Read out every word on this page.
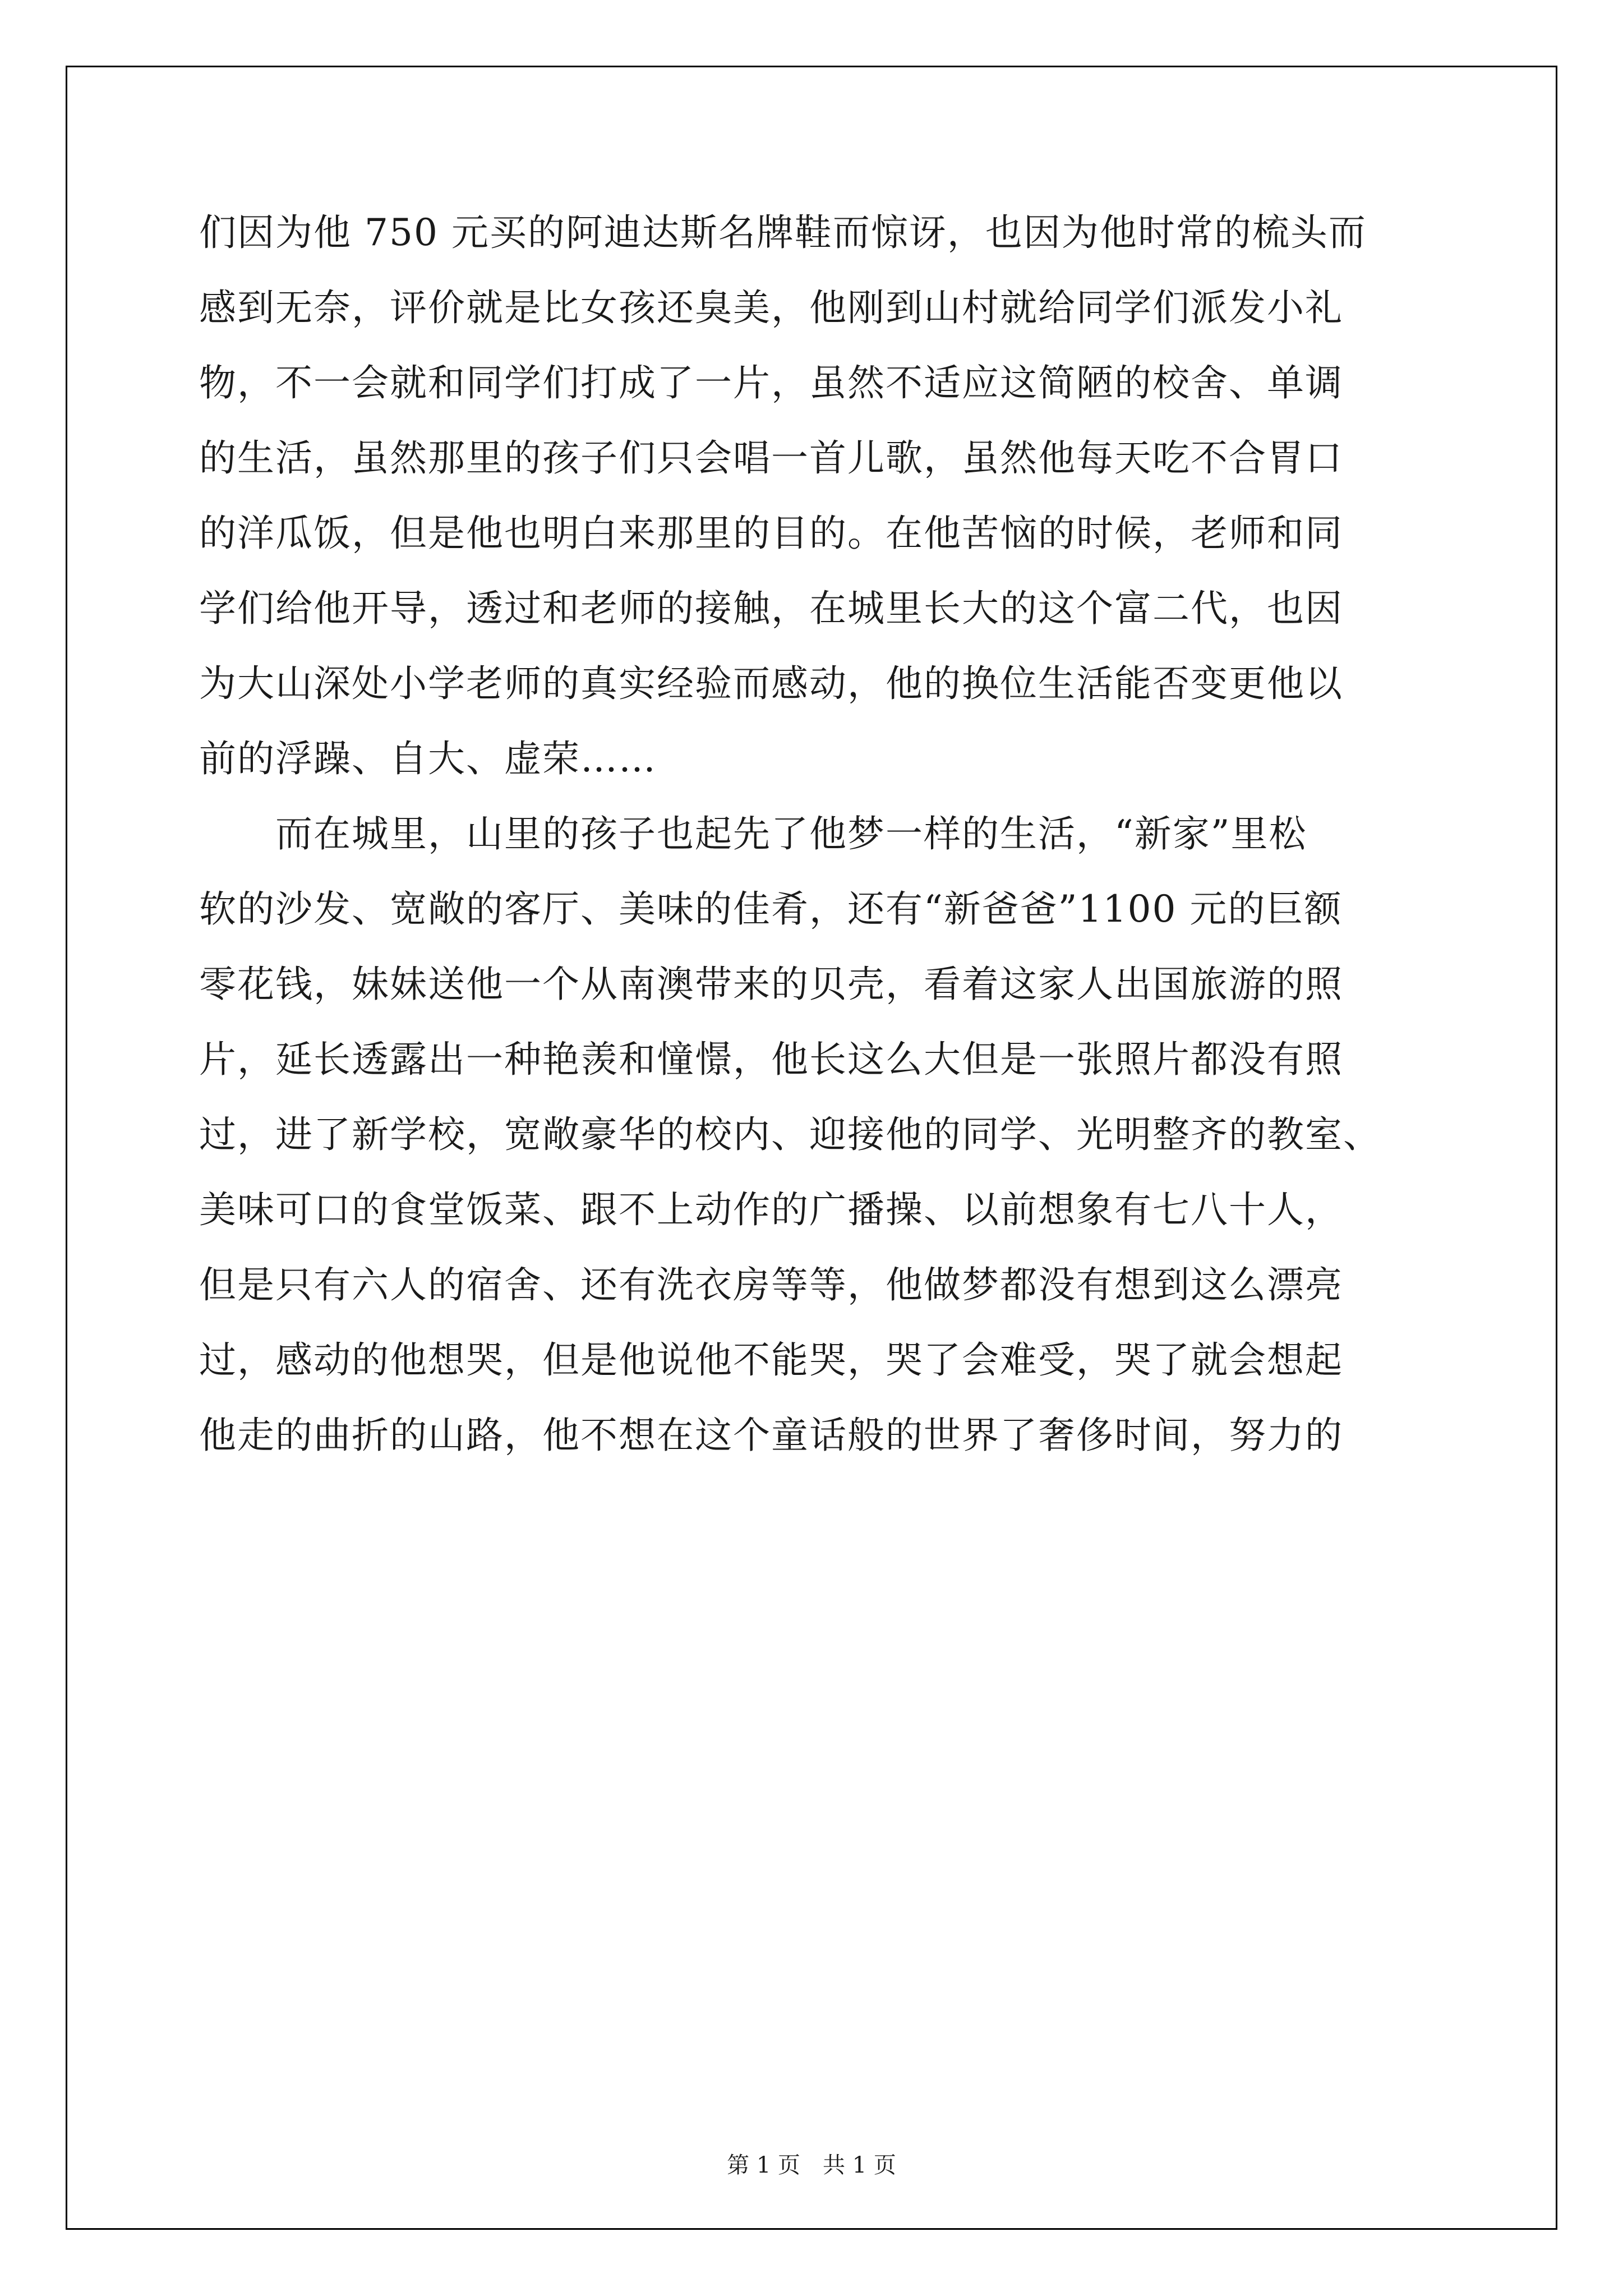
们因为他 750 元买的阿迪达斯名牌鞋而惊讶，也因为他时常的梳头而
感到无奈，评价就是比女孩还臭美，他刚到山村就给同学们派发小礼
物，不一会就和同学们打成了一片，虽然不适应这简陋的校舍、单调
的生活，虽然那里的孩子们只会唱一首儿歌，虽然他每天吃不合胃口
的洋瓜饭，但是他也明白来那里的目的。在他苦恼的时候，老师和同
学们给他开导，透过和老师的接触，在城里长大的这个富二代，也因
为大山深处小学老师的真实经验而感动，他的换位生活能否变更他以
前的浮躁、自大、虚荣……
　　而在城里，山里的孩子也起先了他梦一样的生活，“新家”里松
软的沙发、宽敞的客厅、美味的佳肴，还有“新爸爸”1100 元的巨额
零花钱，妹妹送他一个从南澳带来的贝壳，看着这家人出国旅游的照
片，延长透露出一种艳羡和憧憬，他长这么大但是一张照片都没有照
过，进了新学校，宽敞豪华的校内、迎接他的同学、光明整齐的教室、
美味可口的食堂饭菜、跟不上动作的广播操、以前想象有七八十人，
但是只有六人的宿舍、还有洗衣房等等，他做梦都没有想到这么漂亮
过，感动的他想哭，但是他说他不能哭，哭了会难受，哭了就会想起
他走的曲折的山路，他不想在这个童话般的世界了奢侈时间，努力的
第 1 页　共 1 页
